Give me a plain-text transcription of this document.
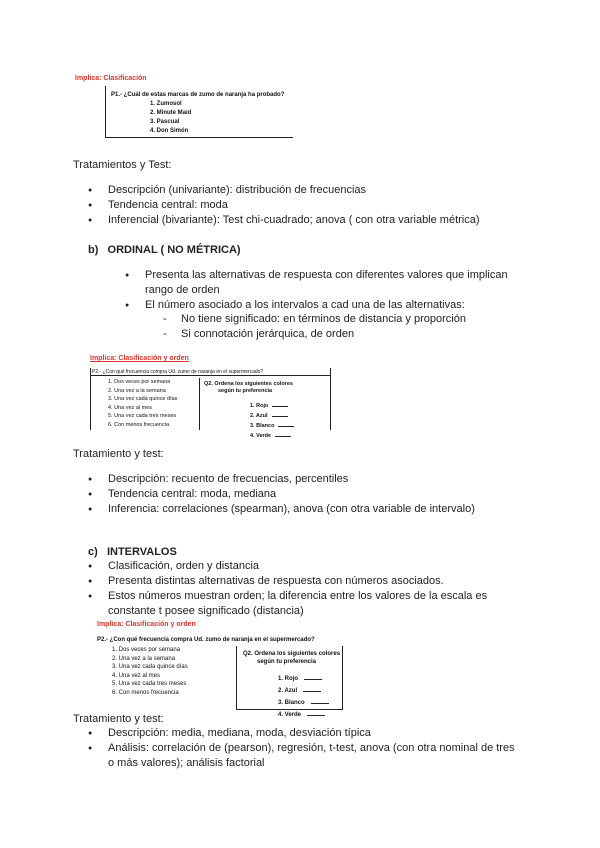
Implica: Clasificación
P1.- ¿Cuál de estas marcas de zumo de naranja ha probado?
1. Zumosol
2. Minute Maid
3. Pascual
4. Don Simón
Tratamientos y Test:
● Descripción (univariante): distribución de frecuencias
● Tendencia central: moda
● Inferencial (bivariante): Test chi-cuadrado; anova ( con otra variable métrica)
b)   ORDINAL ( NO MÉTRICA)
● Presenta las alternativas de respuesta con diferentes valores que implican
rango de orden
● El número asociado a los intervalos a cad una de las alternativas:
- No tiene significado: en términos de distancia y proporción
- Si connotación jerárquica, de orden
Implica: Clasificación y orden
P2.- ¿Con qué frecuencia compra Ud. zumo de naranja en el supermercado?
1. Dos veces por semana
2. Una vez a la semana
3. Una vez cada quince días
4. Una vez al mes
5. Una vez cada tres meses
6. Con menos frecuencia
Q2. Ordena los siguientes colores
según tu preferencia
1. Rojo
2. Azul
3. Blanco
4. Verde
Tratamiento y test:
● Descripción: recuento de frecuencias, percentiles
● Tendencia central: moda, mediana
● Inferencia: correlaciones (spearman), anova (con otra variable de intervalo)
c)   INTERVALOS
● Clasificación, orden y distancia
● Presenta distintas alternativas de respuesta con números asociados.
● Estos números muestran orden; la diferencia entre los valores de la escala es
constante t posee significado (distancia)
Implica: Clasificación y orden
P2.- ¿Con qué frecuencia compra Ud. zumo de naranja en el supermercado?
1. Dos veces por semana
2. Una vez a la semana
3. Una vez cada quince días
4. Una vez al mes
5. Una vez cada tres meses
6. Con menos frecuencia
Q2. Ordena los siguientes colores
según tu preferencia
1. Rojo
2. Azul
3. Blanco
4. Verde
Tratamiento y test:
● Descripción: media, mediana, moda, desviación típica
● Análisis: correlación de (pearson), regresión, t-test, anova (con otra nominal de tres
o más valores); análisis factorial
